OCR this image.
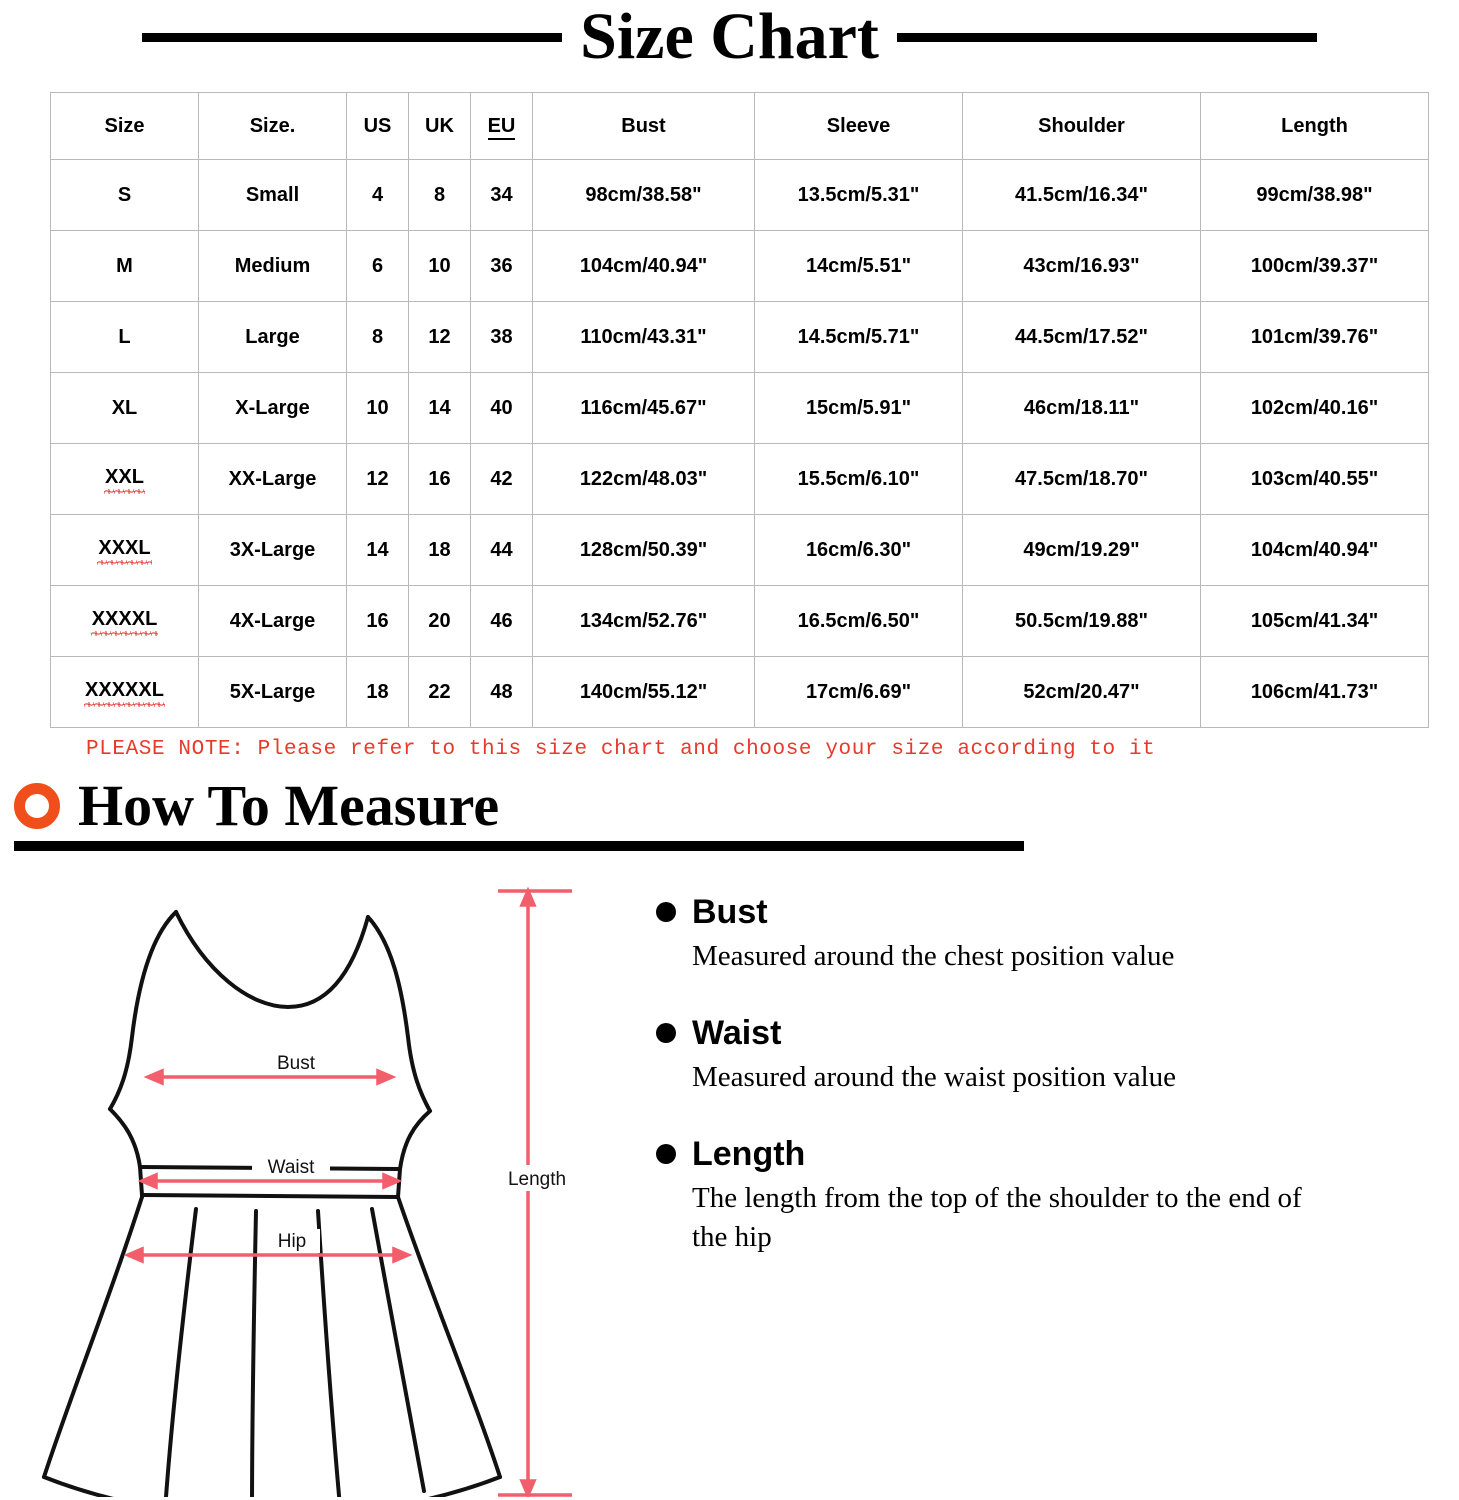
Size Chart
Size	Size.	US	UK	EU	Bust	Sleeve	Shoulder	Length
S	Small	4	8	34	98cm/38.58"	13.5cm/5.31"	41.5cm/16.34"	99cm/38.98"
M	Medium	6	10	36	104cm/40.94"	14cm/5.51"	43cm/16.93"	100cm/39.37"
L	Large	8	12	38	110cm/43.31"	14.5cm/5.71"	44.5cm/17.52"	101cm/39.76"
XL	X-Large	10	14	40	116cm/45.67"	15cm/5.91"	46cm/18.11"	102cm/40.16"
XXL	XX-Large	12	16	42	122cm/48.03"	15.5cm/6.10"	47.5cm/18.70"	103cm/40.55"
XXXL	3X-Large	14	18	44	128cm/50.39"	16cm/6.30"	49cm/19.29"	104cm/40.94"
XXXXL	4X-Large	16	20	46	134cm/52.76"	16.5cm/6.50"	50.5cm/19.88"	105cm/41.34"
XXXXXL	5X-Large	18	22	48	140cm/55.12"	17cm/6.69"	52cm/20.47"	106cm/41.73"
PLEASE NOTE: Please refer to this size chart and choose your size according to it
How To Measure
Bust
Waist
Hip
Length
Bust
Measured around the chest position value
Waist
Measured around the waist position value
Length
The length from the top of the shoulder to the end of the hip
